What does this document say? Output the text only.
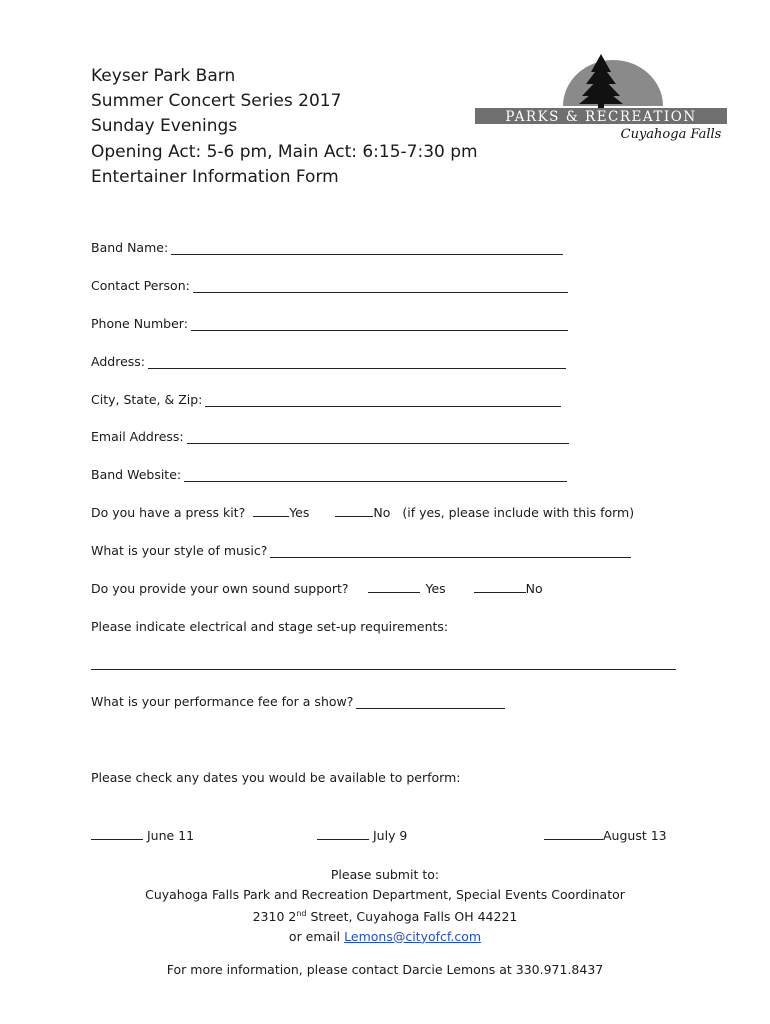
Keyser Park Barn
Summer Concert Series 2017
Sunday Evenings
Opening Act: 5-6 pm, Main Act: 6:15-7:30 pm
Entertainer Information Form
PARKS & RECREATION
Cuyahoga Falls
Band Name:
Contact Person:
Phone Number:
Address:
City, State, & Zip:
Email Address:
Band Website:
Do you have a press kit?	Yes	No (if yes, please include with this form)
What is your style of music?
Do you provide your own sound support?	Yes	No
Please indicate electrical and stage set-up requirements:
What is your performance fee for a show?
Please check any dates you would be available to perform:
June 11	July 9	August 13
Please submit to:
Cuyahoga Falls Park and Recreation Department, Special Events Coordinator
2310 2nd Street, Cuyahoga Falls OH 44221
or email Lemons@cityofcf.com
For more information, please contact Darcie Lemons at 330.971.8437
